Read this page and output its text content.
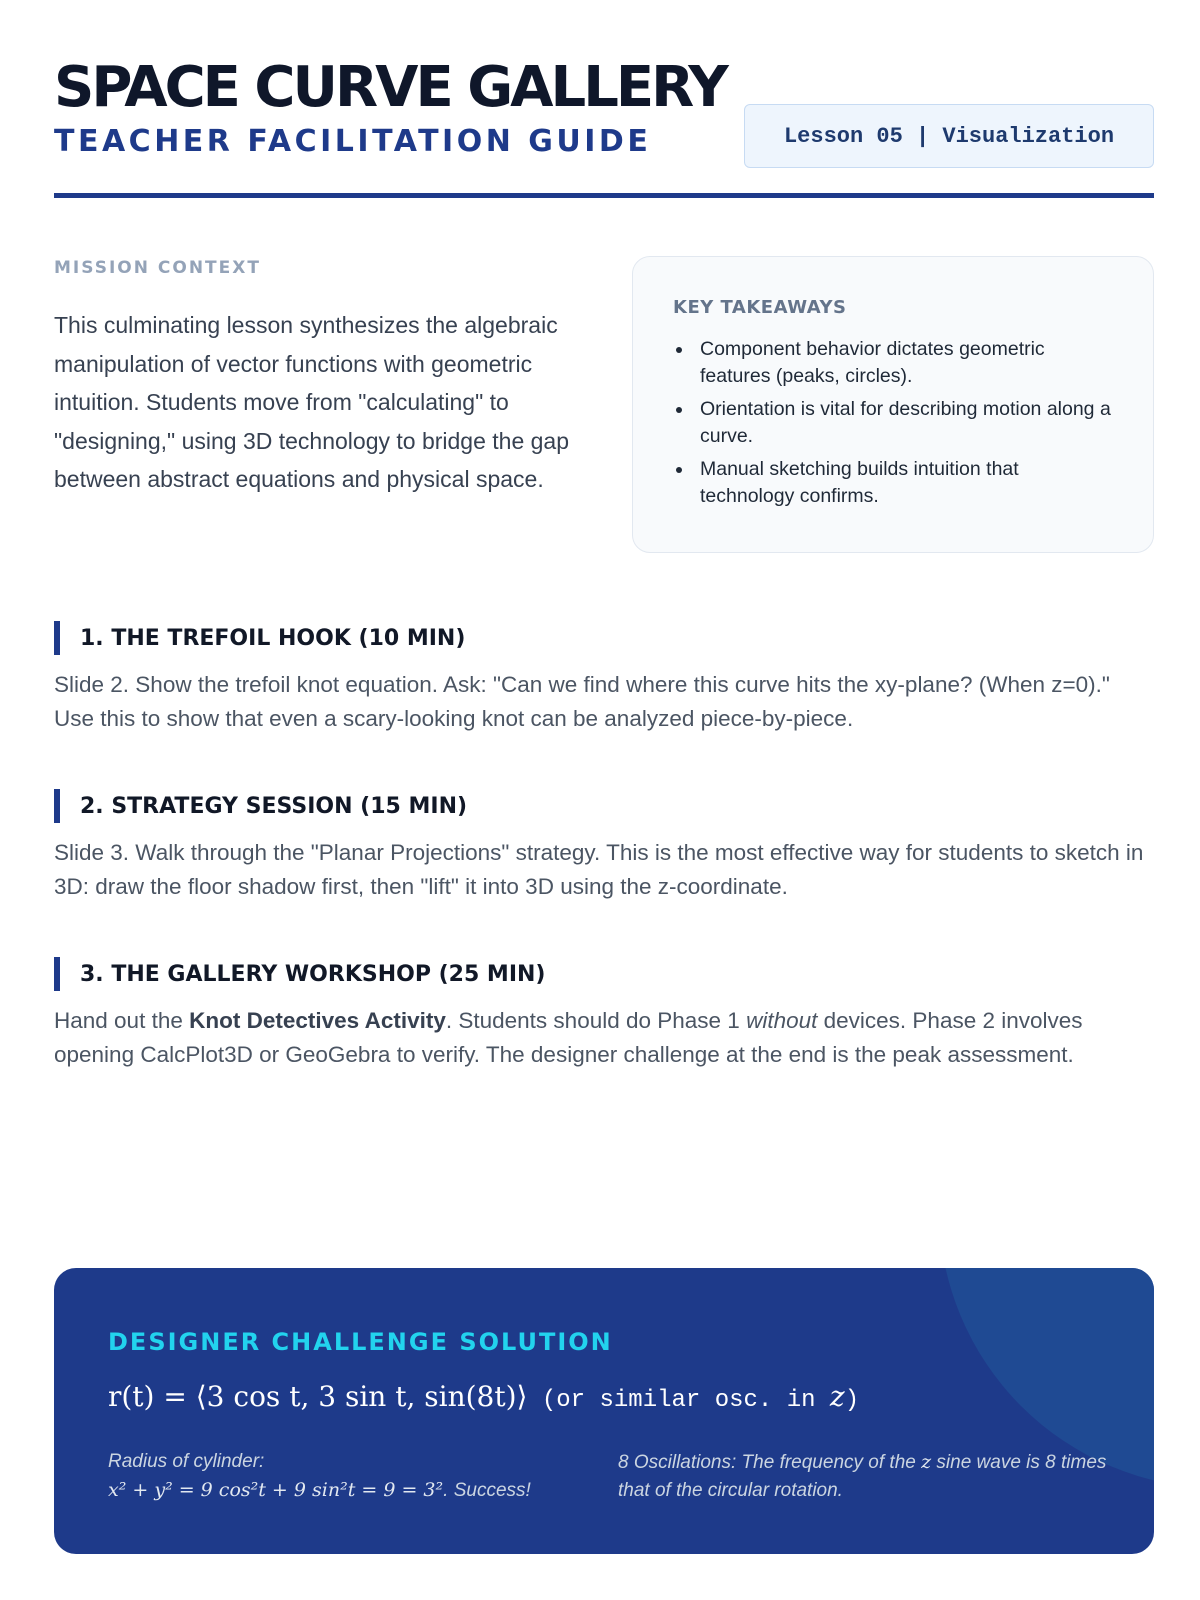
SPACE CURVE GALLERY
TEACHER FACILITATION GUIDE	Lesson 05 | Visualization
MISSION CONTEXT
This culminating lesson synthesizes the algebraic manipulation of vector functions with geometric intuition. Students move from "calculating" to "designing," using 3D technology to bridge the gap between abstract equations and physical space.
KEY TAKEAWAYS
Component behavior dictates geometric features (peaks, circles).
Orientation is vital for describing motion along a curve.
Manual sketching builds intuition that technology confirms.
1. THE TREFOIL HOOK (10 MIN)
Slide 2. Show the trefoil knot equation. Ask: "Can we find where this curve hits the xy-plane? (When z=0)." Use this to show that even a scary-looking knot can be analyzed piece-by-piece.
2. STRATEGY SESSION (15 MIN)
Slide 3. Walk through the "Planar Projections" strategy. This is the most effective way for students to sketch in 3D: draw the floor shadow first, then "lift" it into 3D using the z-coordinate.
3. THE GALLERY WORKSHOP (25 MIN)
Hand out the Knot Detectives Activity. Students should do Phase 1 without devices. Phase 2 involves opening CalcPlot3D or GeoGebra to verify. The designer challenge at the end is the peak assessment.
DESIGNER CHALLENGE SOLUTION
r(t) = ⟨3 cos t, 3 sin t, sin(8t)⟩ (or similar osc. in z)
Radius of cylinder:
x² + y² = 9 cos²t + 9 sin²t = 9 = 3². Success!
8 Oscillations: The frequency of the z sine wave is 8 times that of the circular rotation.
